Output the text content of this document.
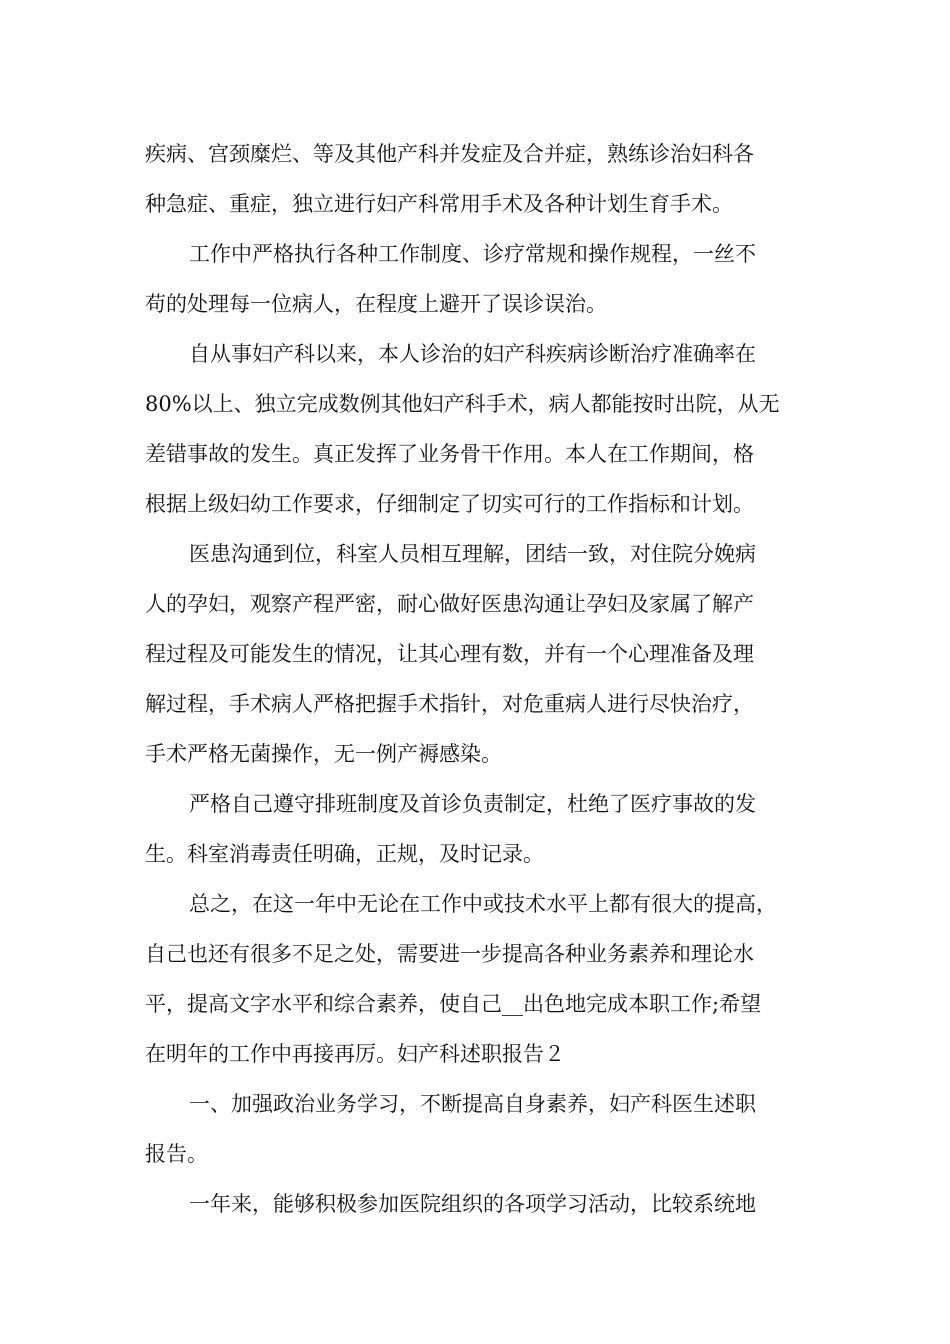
疾病、宫颈糜烂、等及其他产科并发症及合并症，熟练诊治妇科各
种急症、重症，独立进行妇产科常用手术及各种计划生育手术。
工作中严格执行各种工作制度、诊疗常规和操作规程，一丝不
苟的处理每一位病人，在程度上避开了误诊误治。
自从事妇产科以来，本人诊治的妇产科疾病诊断治疗准确率在
80%以上、独立完成数例其他妇产科手术，病人都能按时出院，从无
差错事故的发生。真正发挥了业务骨干作用。本人在工作期间，格
根据上级妇幼工作要求，仔细制定了切实可行的工作指标和计划。
医患沟通到位，科室人员相互理解，团结一致，对住院分娩病
人的孕妇，观察产程严密，耐心做好医患沟通让孕妇及家属了解产
程过程及可能发生的情况，让其心理有数，并有一个心理准备及理
解过程，手术病人严格把握手术指针，对危重病人进行尽快治疗，
手术严格无菌操作，无一例产褥感染。
严格自己遵守排班制度及首诊负责制定，杜绝了医疗事故的发
生。科室消毒责任明确，正规，及时记录。
总之，在这一年中无论在工作中或技术水平上都有很大的提高，
自己也还有很多不足之处，需要进一步提高各种业务素养和理论水
平，提高文字水平和综合素养，使自己__出色地完成本职工作;希望
在明年的工作中再接再厉。妇产科述职报告２
一、加强政治业务学习，不断提高自身素养，妇产科医生述职
报告。
一年来，能够积极参加医院组织的各项学习活动，比较系统地
